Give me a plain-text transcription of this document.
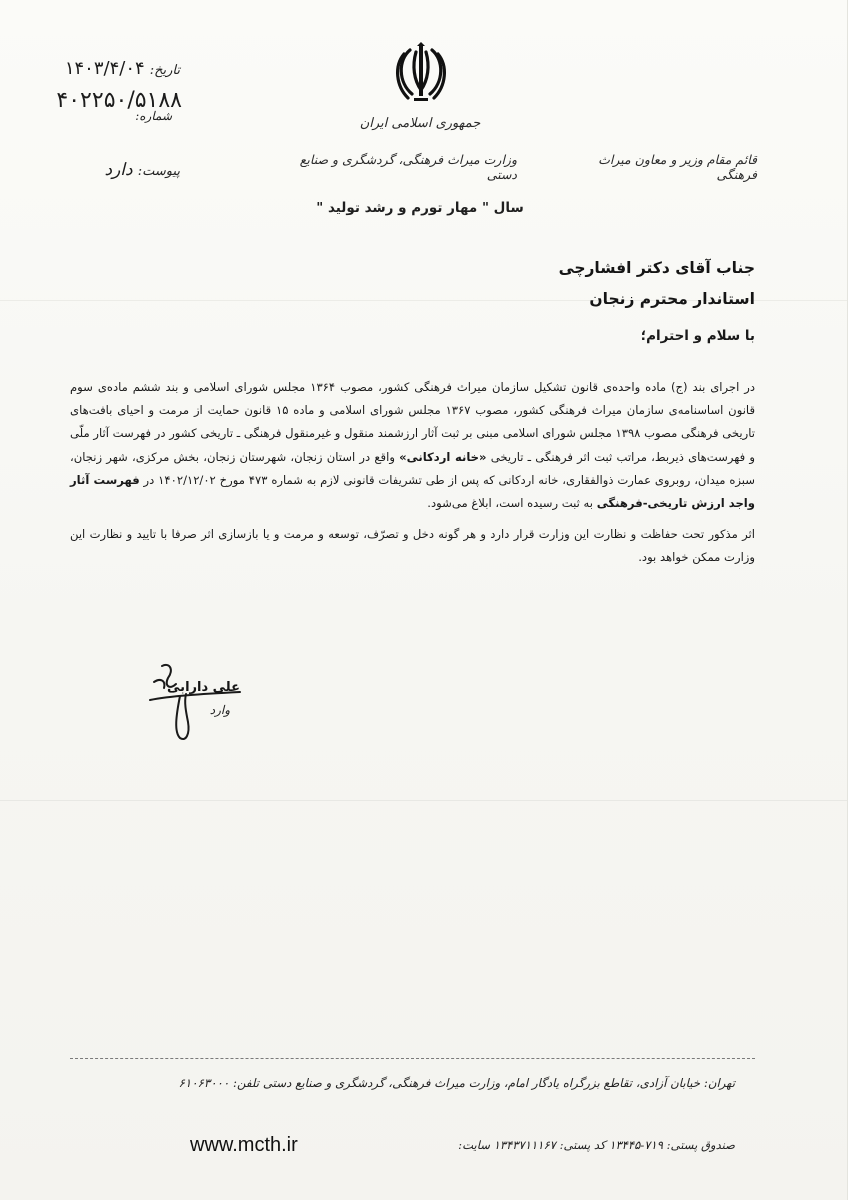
جمهوری اسلامی ایران
وزارت میراث فرهنگی، گردشگری و صنایع دستی
قائم مقام وزیر و معاون میراث فرهنگی
سال " مهار تورم و رشد تولید "
تاریخ: ۱۴۰۳/۴/۰۴
۴۰۲۲۵۰/۵۱۸۸
شماره:
پیوست: دارد
جناب آقای دکتر افشارچی
استاندار محترم زنجان
با سلام و احترام؛

در اجرای بند (ج) ماده واحده‌ی قانون تشکیل سازمان میراث فرهنگی کشور، مصوب ۱۳۶۴ مجلس شورای اسلامی و بند ششم ماده‌ی سوم قانون اساسنامه‌ی سازمان میراث فرهنگی کشور، مصوب ۱۳۶۷ مجلس شورای اسلامی و ماده ۱۵ قانون حمایت از مرمت و احیای بافت‌های تاریخی فرهنگی مصوب ۱۳۹۸ مجلس شورای اسلامی مبنی بر ثبت آثار ارزشمند منقول و غیرمنقول فرهنگی ـ تاریخی کشور در فهرست آثار ملّی و فهرست‌های ذیربط، مراتب ثبت اثر فرهنگی ـ تاریخی «خانه اردکانی» واقع در استان زنجان، شهرستان زنجان، بخش مرکزی، شهر زنجان، سبزه میدان، روبروی عمارت ذوالفقاری، خانه اردکانی که پس از طی تشریفات قانونی لازم به شماره ۴۷۳ مورخ ۱۴۰۲/۱۲/۰۲ در فهرست آثار واجد ارزش تاریخی-فرهنگی به ثبت رسیده است، ابلاغ می‌شود.

اثر مذکور تحت حفاظت و نظارت این وزارت قرار دارد و هر گونه دخل و تصرّف، توسعه و مرمت و یا بازسازی اثر صرفا با تایید و نظارت این وزارت ممکن خواهد بود.

علی دارابی
وارد
تهران: خیابان آزادی، تقاطع بزرگراه یادگار امام، وزارت میراث فرهنگی، گردشگری و صنایع دستی تلفن: ۶۱۰۶۳۰۰۰
صندوق پستی: ۷۱۹-۱۳۴۴۵ کد پستی: ۱۳۴۳۷۱۱۱۶۷ سایت:
www.mcth.ir
